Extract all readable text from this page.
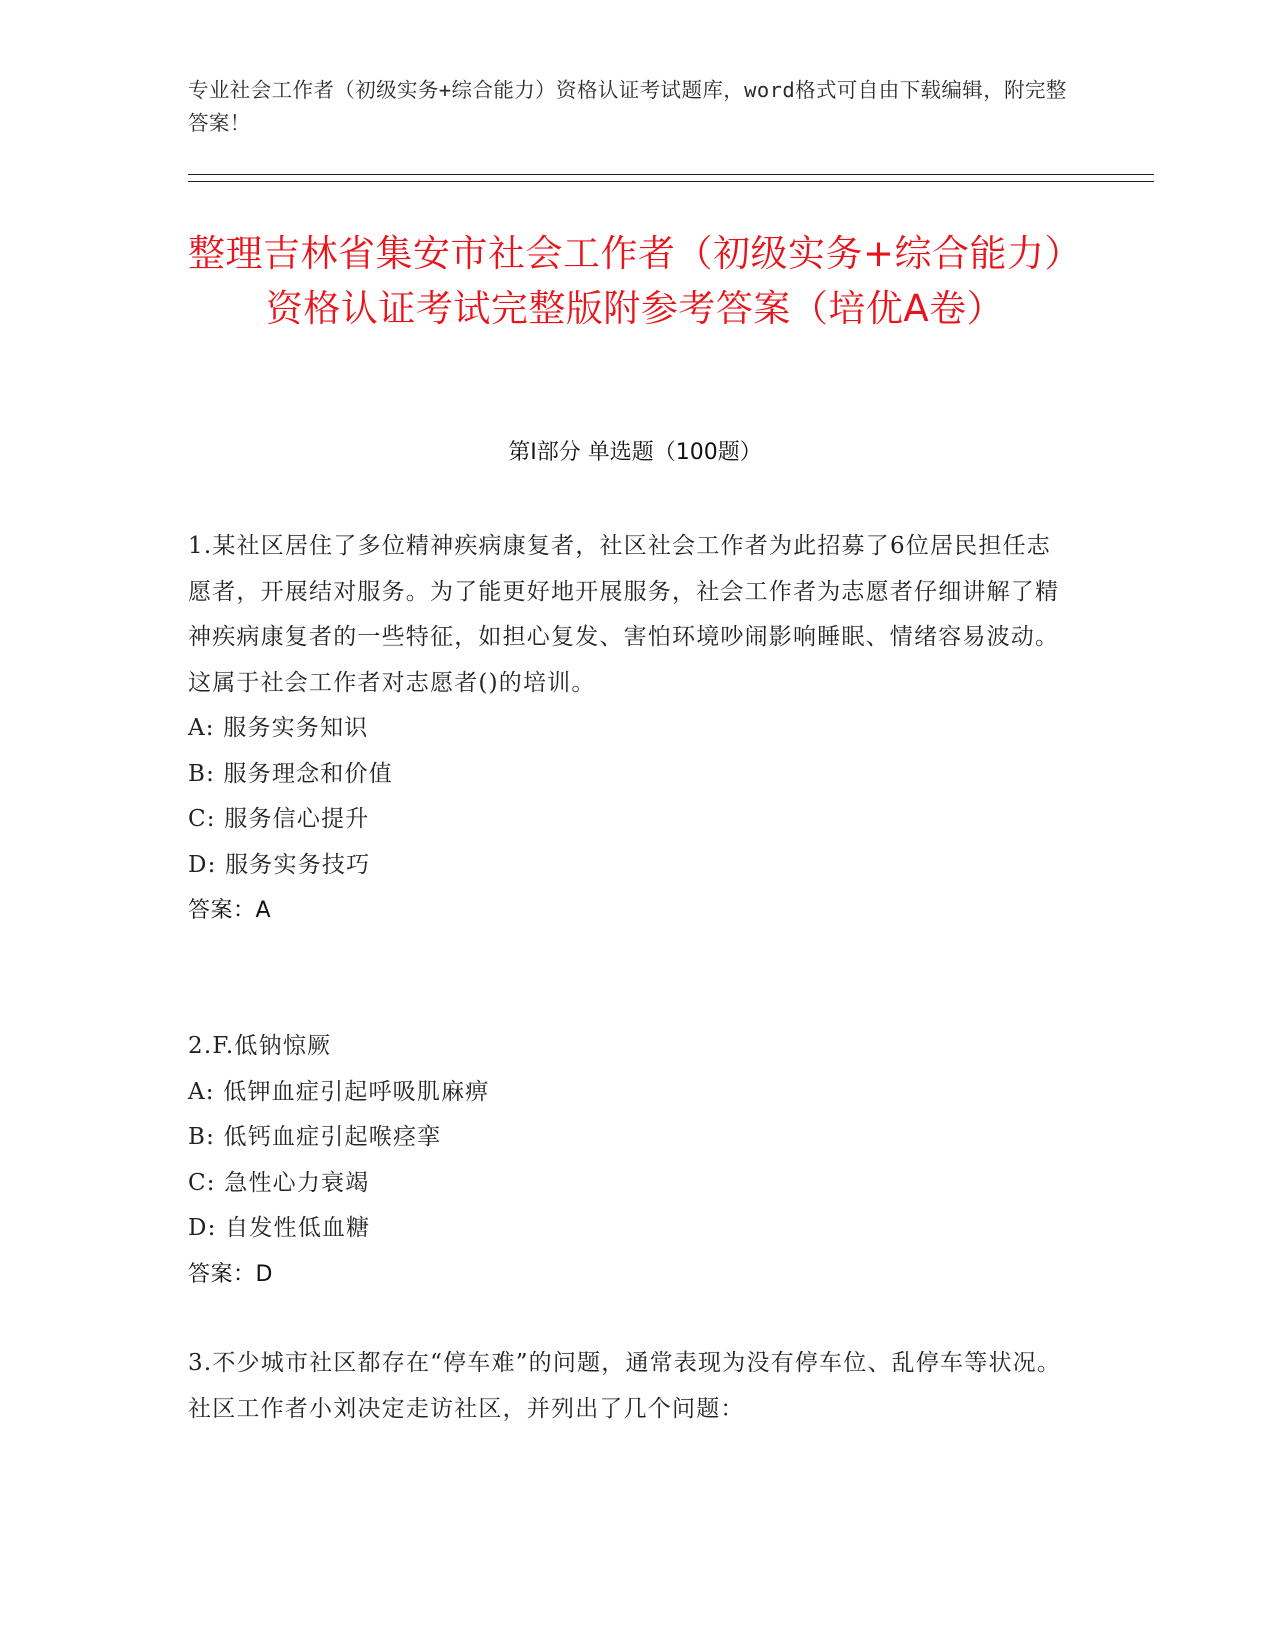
专业社会工作者（初级实务+综合能力）资格认证考试题库，word格式可自由下载编辑，附完整答案！
整理吉林省集安市社会工作者（初级实务+综合能力）资格认证考试完整版附参考答案（培优A卷）
第I部分 单选题（100题）
1.某社区居住了多位精神疾病康复者，社区社会工作者为此招募了6位居民担任志愿者，开展结对服务。为了能更好地开展服务，社会工作者为志愿者仔细讲解了精神疾病康复者的一些特征，如担心复发、害怕环境吵闹影响睡眠、情绪容易波动。这属于社会工作者对志愿者()的培训。
A: 服务实务知识
B: 服务理念和价值
C: 服务信心提升
D: 服务实务技巧
答案：A
2.F.低钠惊厥
A: 低钾血症引起呼吸肌麻痹
B: 低钙血症引起喉痉挛
C: 急性心力衰竭
D: 自发性低血糖
答案：D
3.不少城市社区都存在“停车难”的问题，通常表现为没有停车位、乱停车等状况。社区工作者小刘决定走访社区，并列出了几个问题：
